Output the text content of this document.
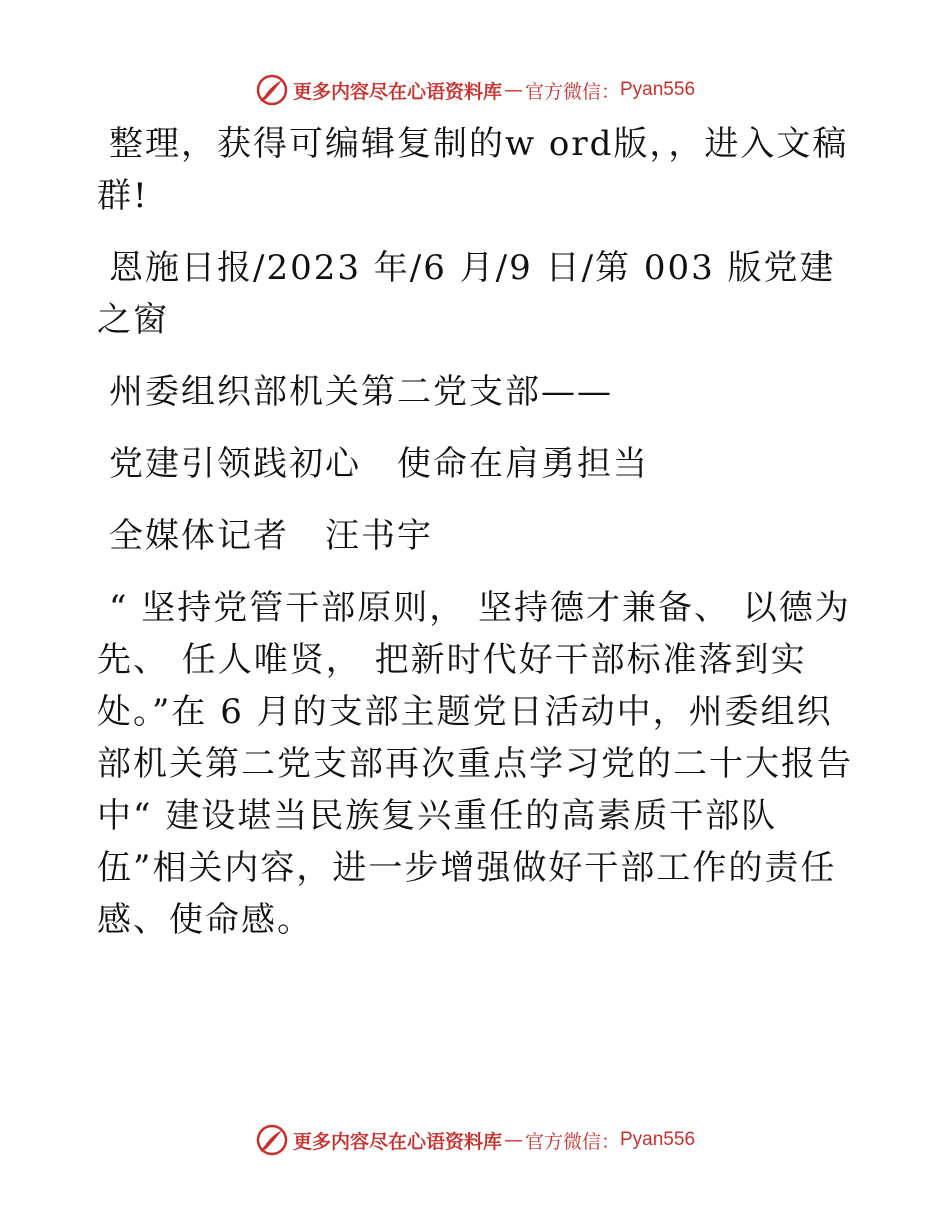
更多内容尽在心语资料库 — 官方微信： Pyan556

整理，获得可编辑复制的w ord版，，进入文稿群!

恩施日报/2023 年/6 月/9 日/第 003 版党建之窗

州委组织部机关第二党支部——

党建引领践初心　使命在肩勇担当

全媒体记者　汪书宇

“ 坚持党管干部原则， 坚持德才兼备、 以德为先、 任人唯贤， 把新时代好干部标准落到实处。”在 6 月的支部主题党日活动中，州委组织部机关第二党支部再次重点学习党的二十大报告中“ 建设堪当民族复兴重任的高素质干部队伍”相关内容，进一步增强做好干部工作的责任感、使命感。

更多内容尽在心语资料库 — 官方微信： Pyan556
